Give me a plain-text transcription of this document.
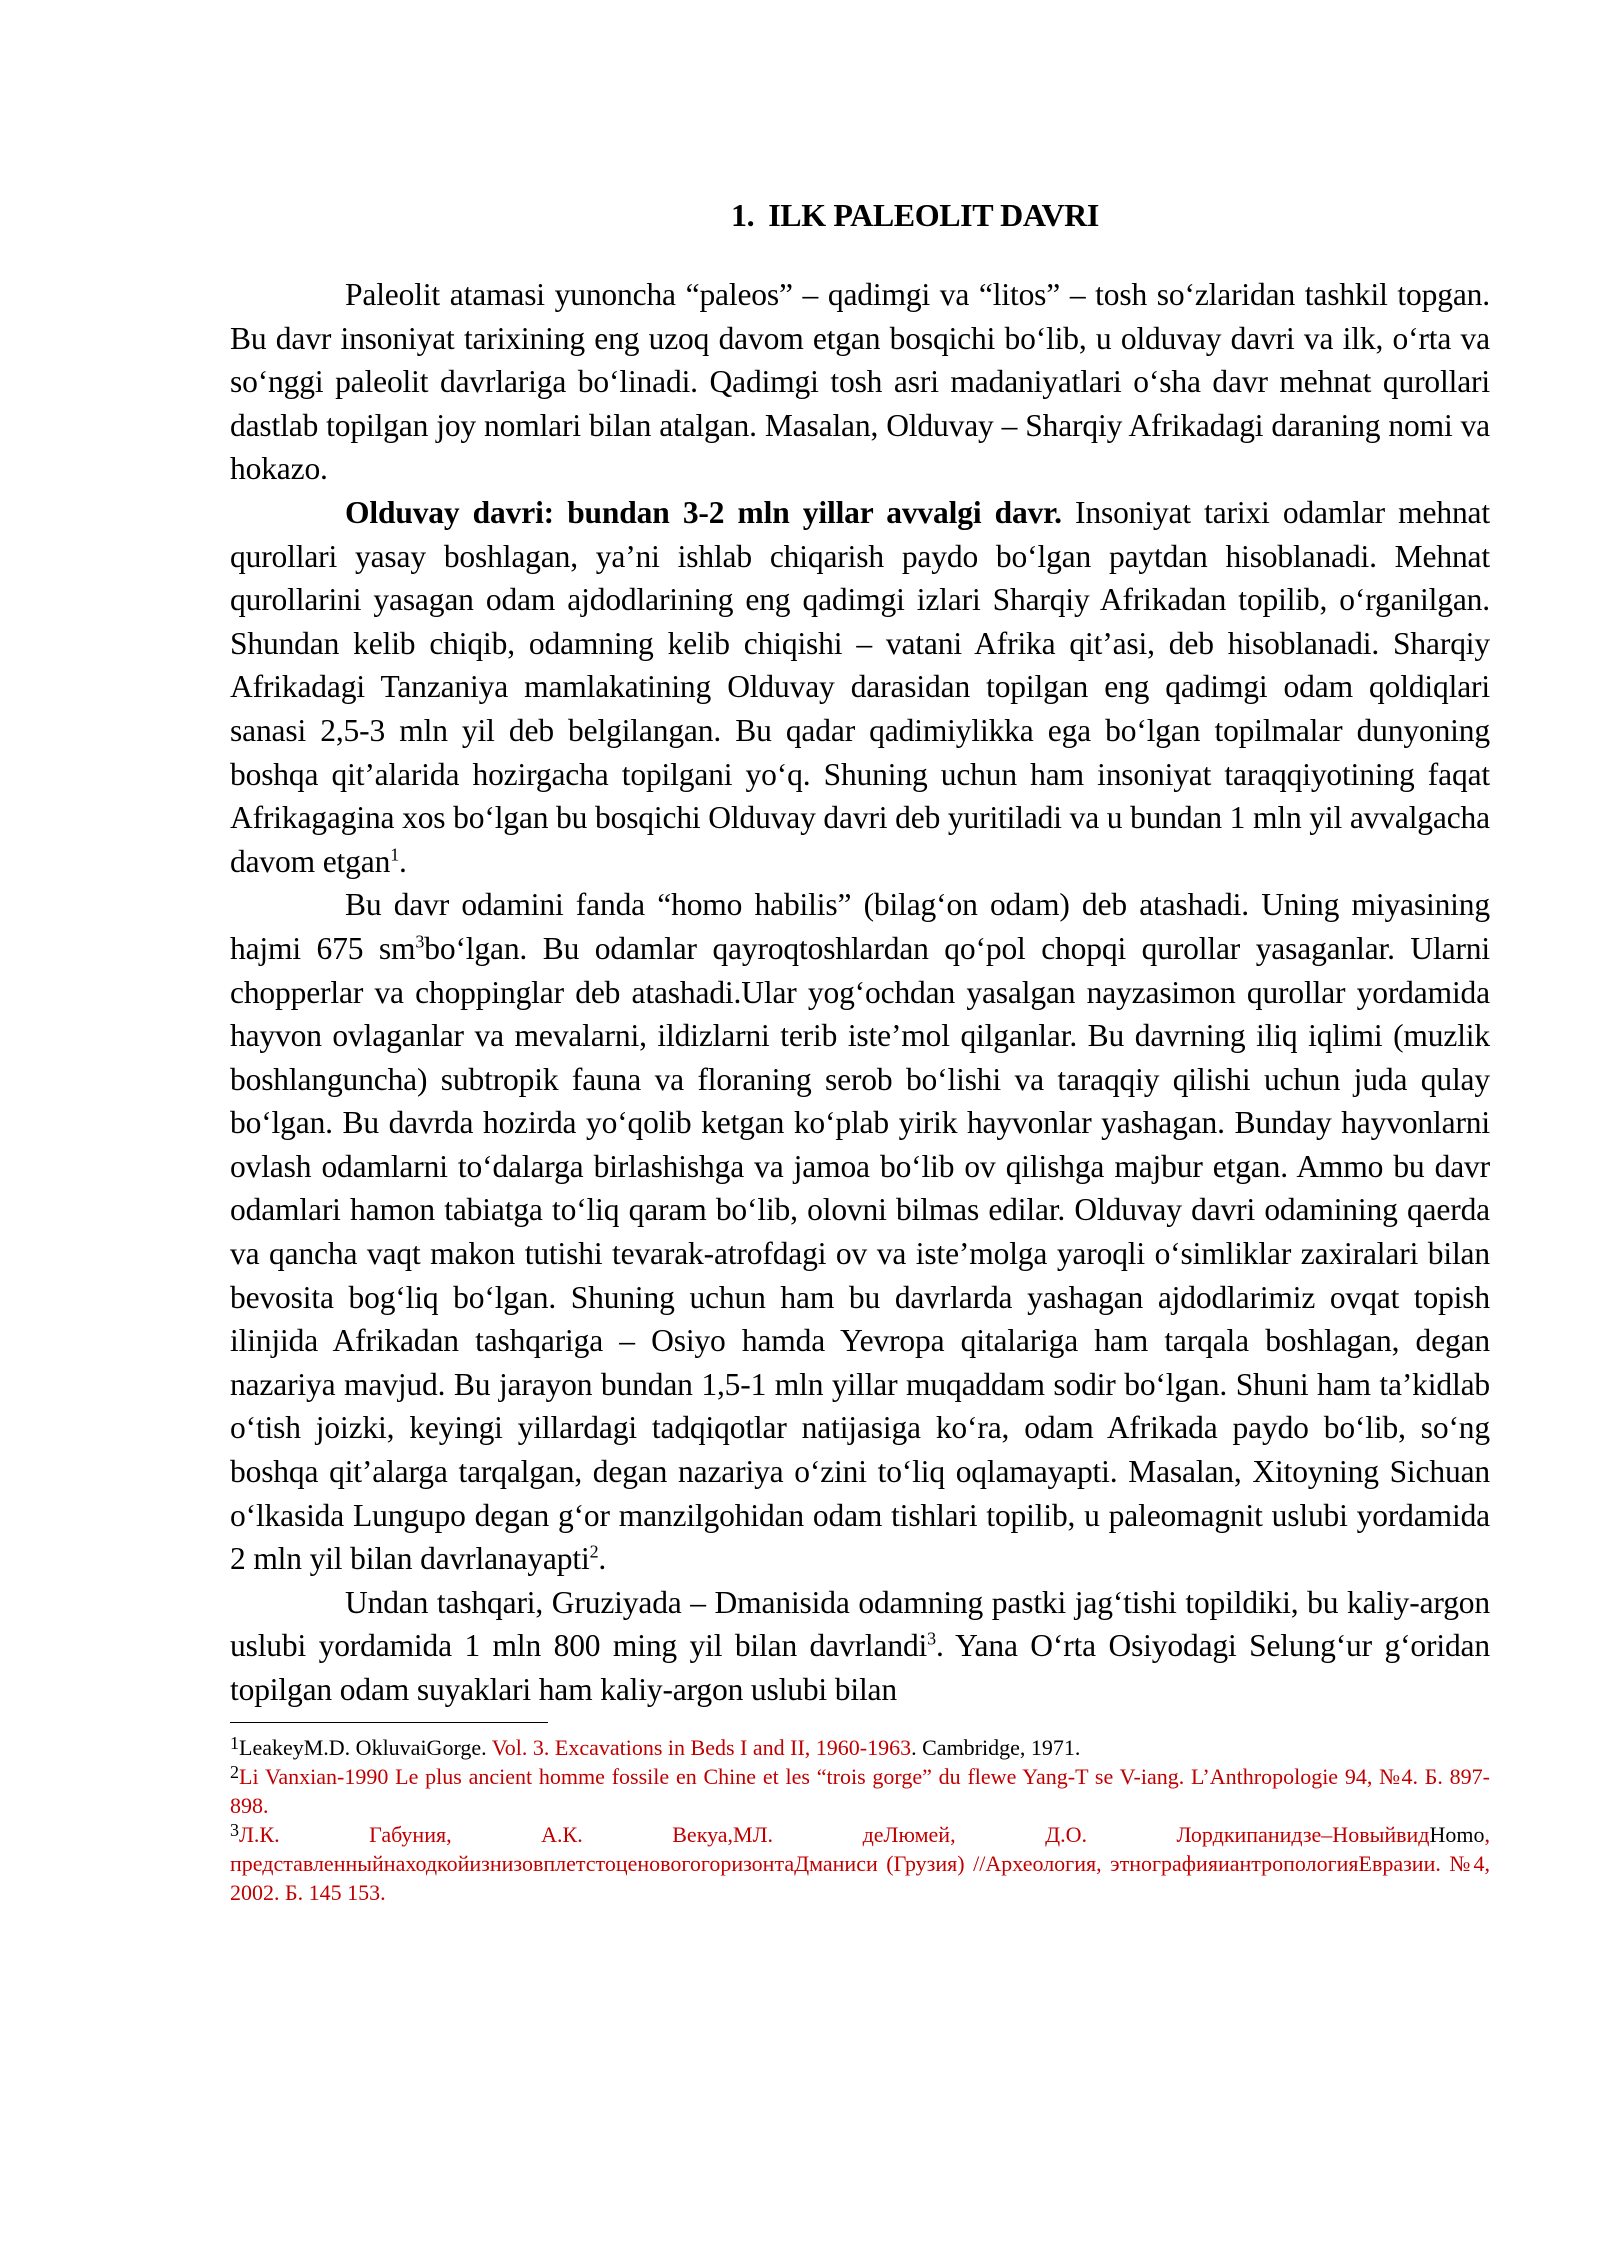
1. ILK PALEOLIT DAVRI

Paleolit atamasi yunoncha “paleos” – qadimgi va “litos” – tosh so‘zlaridan tashkil topgan. Bu davr insoniyat tarixining eng uzoq davom etgan bosqichi bo‘lib, u olduvay davri va ilk, o‘rta va so‘nggi paleolit davrlariga bo‘linadi. Qadimgi tosh asri madaniyatlari o‘sha davr mehnat qurollari dastlab topilgan joy nomlari bilan atalgan. Masalan, Olduvay – Sharqiy Afrikadagi daraning nomi va hokazo.

Olduvay davri: bundan 3-2 mln yillar avvalgi davr. Insoniyat tarixi odamlar mehnat qurollari yasay boshlagan, ya’ni ishlab chiqarish paydo bo‘lgan paytdan hisoblanadi. Mehnat qurollarini yasagan odam ajdodlarining eng qadimgi izlari Sharqiy Afrikadan topilib, o‘rganilgan. Shundan kelib chiqib, odamning kelib chiqishi – vatani Afrika qit’asi, deb hisoblanadi. Sharqiy Afrikadagi Tanzaniya mamlakatining Olduvay darasidan topilgan eng qadimgi odam qoldiqlari sanasi 2,5-3 mln yil deb belgilangan. Bu qadar qadimiylikka ega bo‘lgan topilmalar dunyoning boshqa qit’alarida hozirgacha topilgani yo‘q. Shuning uchun ham insoniyat taraqqiyotining faqat Afrikagagina xos bo‘lgan bu bosqichi Olduvay davri deb yuritiladi va u bundan 1 mln yil avvalgacha davom etgan$^1$.

Bu davr odamini fanda “homo habilis” (bilag‘on odam) deb atashadi. Uning miyasining hajmi 675 $sm^3bo‘lgan$. Bu odamlar qayroqtoshlardan qo‘pol chopqi qurollar yasaganlar. Ularni chopperlar va choppinglar deb atashadi.Ular yog‘ochdan yasalgan nayzasimon qurollar yordamida hayvon ovlaganlar va mevalarni, ildizlarni terib iste’mol qilganlar. Bu davrning iliq iqlimi (muzlik boshlanguncha) subtropik fauna va floraning serob bo‘lishi va taraqqiy qilishi uchun juda qulay bo‘lgan. Bu davrda hozirda yo‘qolib ketgan ko‘plab yirik hayvonlar yashagan. Bunday hayvonlarni ovlash odamlarni to‘dalarga birlashishga va jamoa bo‘lib ov qilishga majbur etgan. Ammo bu davr odamlari hamon tabiatga to‘liq qaram bo‘lib, olovni bilmas edilar. Olduvay davri odamining qaerda va qancha vaqt makon tutishi tevarak-atrofdagi ov va iste’molga yaroqli o‘simliklar zaxiralari bilan bevosita bog‘liq bo‘lgan. Shuning uchun ham bu davrlarda yashagan ajdodlarimiz ovqat topish ilinjida Afrikadan tashqariga – Osiyo hamda Yevropa qitalariga ham tarqala boshlagan, degan nazariya mavjud. Bu jarayon bundan 1,5-1 mln yillar muqaddam sodir bo‘lgan. Shuni ham ta’kidlab o‘tish joizki, keyingi yillardagi tadqiqotlar natijasiga ko‘ra, odam Afrikada paydo bo‘lib, so‘ng boshqa qit’alarga tarqalgan, degan nazariya o‘zini to‘liq oqlamayapti. Masalan, Xitoyning Sichuan o‘lkasida Lungupo degan g‘or manzilgohidan odam tishlari topilib, u paleomagnit uslubi yordamida 2 mln yil bilan davrlanayapti$^2$.

Undan tashqari, Gruziyada – Dmanisida odamning pastki jag‘tishi topildiki, bu kaliy-argon uslubi yordamida 1 mln 800 ming yil bilan davrlandi$^3$. Yana O‘rta Osiyodagi Selung‘ur g‘oridan topilgan odam suyaklari ham kaliy-argon uslubi bilan

$^1$LeakeyM.D. OkluvaiGorge. Vol. 3. Excavations in Beds I and II, 1960-1963. Cambridge, 1971.

$^2$Li Vanxian-1990 Le plus ancient homme fossile en Chine et les “trois gorge” du flewe Yang-T se V-iang. L’Anthropologie 94, №4. Б. 897-898.

$^3$Л.К. Габуния, А.К. Векуа,МЛ. деЛюмей, Д.О. Лордкипанидзе–НовыйвидHomo, представленныйнаходкойизнизовплетстоценовогогоризонтаДманиси (Грузия) //Археология, этнографияиантропологияЕвразии. №4, 2002. Б. 145 153.
